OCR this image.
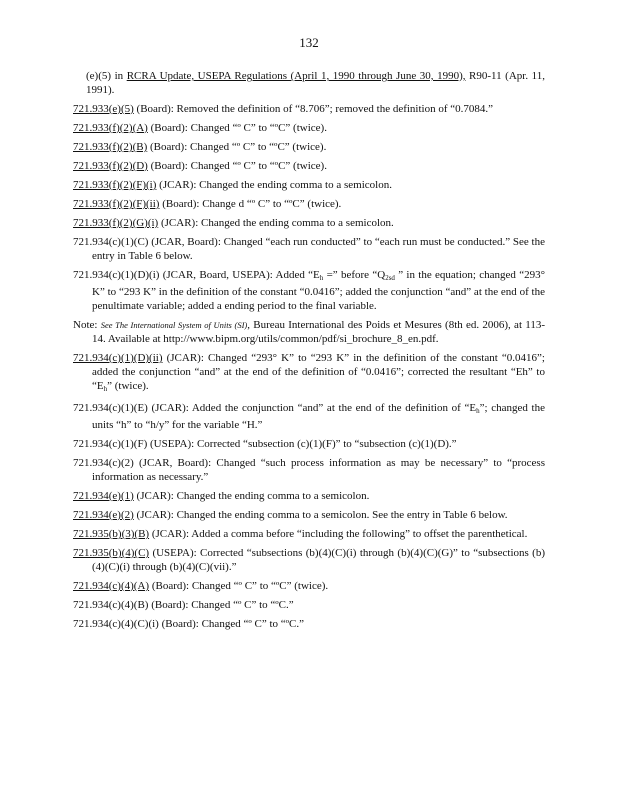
132
(e)(5) in RCRA Update, USEPA Regulations (April 1, 1990 through June 30, 1990), R90-11 (Apr. 11, 1991).
721.933(e)(5) (Board): Removed the definition of “8.706”; removed the definition of “0.7084.”
721.933(f)(2)(A) (Board): Changed “º C” to “ºC” (twice).
721.933(f)(2)(B) (Board): Changed “º C” to “ºC” (twice).
721.933(f)(2)(D) (Board): Changed “º C” to “ºC” (twice).
721.933(f)(2)(F)(i) (JCAR): Changed the ending comma to a semicolon.
721.933(f)(2)(F)(ii) (Board): Change d “º C” to “ºC” (twice).
721.933(f)(2)(G)(i) (JCAR): Changed the ending comma to a semicolon.
721.934(c)(1)(C) (JCAR, Board): Changed “each run conducted” to “each run must be conducted.” See the entry in Table 6 below.
721.934(c)(1)(D)(i) (JCAR, Board, USEPA): Added “$E_h$ =” before “$Q_{2sd}$ ” in the equation; changed “293° K” to “293 K” in the definition of the constant “0.0416”; added the conjunction “and” at the end of the penultimate variable; added a ending period to the final variable.
Note: See The International System of Units (SI), Bureau International des Poids et Mesures (8th ed. 2006), at 113-14. Available at http://www.bipm.org/utils/common/pdf/si_brochure_8_en.pdf.
721.934(c)(1)(D)(ii) (JCAR): Changed “293° K” to “293 K” in the definition of the constant “0.0416”; added the conjunction “and” at the end of the definition of “0.0416”; corrected the resultant “Eh” to “$E_h$” (twice).
721.934(c)(1)(E) (JCAR): Added the conjunction “and” at the end of the definition of “$E_h$”; changed the units “h” to “h/y” for the variable “H.”
721.934(c)(1)(F) (USEPA): Corrected “subsection (c)(1)(F)” to “subsection (c)(1)(D).”
721.934(c)(2) (JCAR, Board): Changed “such process information as may be necessary” to “process information as necessary.”
721.934(e)(1) (JCAR): Changed the ending comma to a semicolon.
721.934(e)(2) (JCAR): Changed the ending comma to a semicolon. See the entry in Table 6 below.
721.935(b)(3)(B) (JCAR): Added a comma before “including the following” to offset the parenthetical.
721.935(b)(4)(C) (USEPA): Corrected “subsections (b)(4)(C)(i) through (b)(4)(C)(G)” to “subsections (b)(4)(C)(i) through (b)(4)(C)(vii).”
721.934(c)(4)(A) (Board): Changed “º C” to “ºC” (twice).
721.934(c)(4)(B) (Board): Changed “º C” to “ºC.”
721.934(c)(4)(C)(i) (Board): Changed “º C” to “ºC.”
